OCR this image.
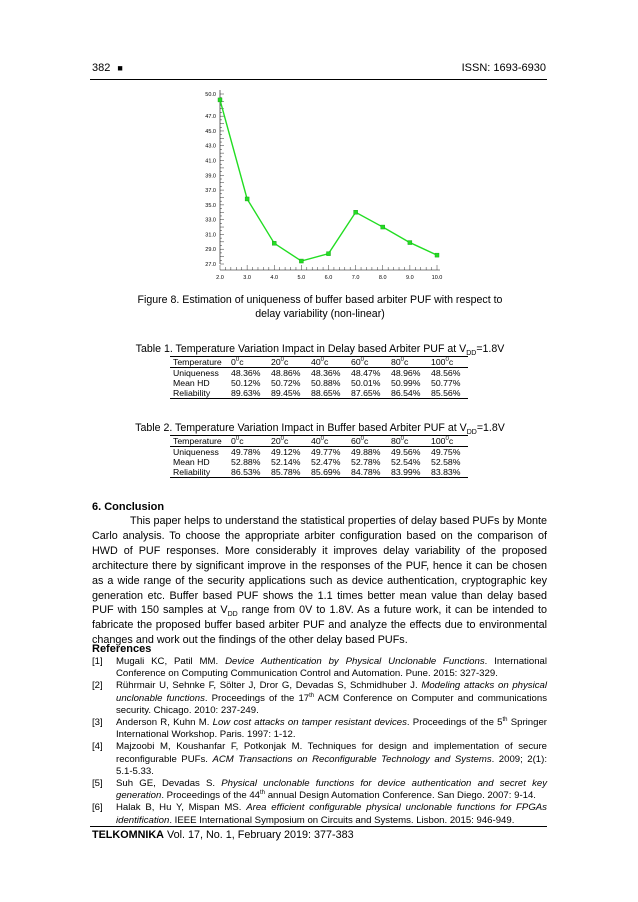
382 ■	ISSN: 1693-6930
50.0
47.0
45.0
43.0
41.0
39.0
37.0
35.0
33.0
31.0
29.0
27.0
2.0	3.0	4.0	5.0	6.0	7.0	8.0	9.0	10.0
Figure 8. Estimation of uniqueness of buffer based arbiter PUF with respect to
delay variability (non-linear)
Table 1. Temperature Variation Impact in Delay based Arbiter PUF at $V_{DD}=1.8V$
Temperature	$0^0c$	$20^0c$	$40^0c$	$60^0c$	$80^0c$	$100^0c$
Uniqueness	48.36%	48.86%	48.36%	48.47%	48.96%	48.56%
Mean HD	50.12%	50.72%	50.88%	50.01%	50.99%	50.77%
Reliability	89.63%	89.45%	88.65%	87.65%	86.54%	85.56%
Table 2. Temperature Variation Impact in Buffer based Arbiter PUF at $V_{DD}=1.8V$
Temperature	$0^0c$	$20^0c$	$40^0c$	$60^0c$	$80^0c$	$100^0c$
Uniqueness	49.78%	49.12%	49.77%	49.88%	49.56%	49.75%
Mean HD	52.88%	52.14%	52.47%	52.78%	52.54%	52.58%
Reliability	86.53%	85.78%	85.69%	84.78%	83.99%	83.83%
6. Conclusion
This paper helps to understand the statistical properties of delay based PUFs by Monte Carlo analysis. To choose the appropriate arbiter configuration based on the comparison of HWD of PUF responses. More considerably it improves delay variability of the proposed architecture there by significant improve in the responses of the PUF, hence it can be chosen as a wide range of the security applications such as device authentication, cryptographic key generation etc. Buffer based PUF shows the 1.1 times better mean value than delay based PUF with 150 samples at $V_{DD}$ range from 0V to 1.8V. As a future work, it can be intended to fabricate the proposed buffer based arbiter PUF and analyze the effects due to environmental changes and work out the findings of the other delay based PUFs.
References
[1]	Mugali KC, Patil MM. Device Authentication by Physical Unclonable Functions. International Conference on Computing Communication Control and Automation. Pune. 2015: 327-329.
[2]	Rührmair U, Sehnke F, Sölter J, Dror G, Devadas S, Schmidhuber J. Modeling attacks on physical unclonable functions. Proceedings of the 17th ACM Conference on Computer and communications security. Chicago. 2010: 237-249.
[3]	Anderson R, Kuhn M. Low cost attacks on tamper resistant devices. Proceedings of the 5th Springer International Workshop. Paris. 1997: 1-12.
[4]	Majzoobi M, Koushanfar F, Potkonjak M. Techniques for design and implementation of secure reconfigurable PUFs. ACM Transactions on Reconfigurable Technology and Systems. 2009; 2(1): 5.1-5.33.
[5]	Suh GE, Devadas S. Physical unclonable functions for device authentication and secret key generation. Proceedings of the 44th annual Design Automation Conference. San Diego. 2007: 9-14.
[6]	Halak B, Hu Y, Mispan MS. Area efficient configurable physical unclonable functions for FPGAs identification. IEEE International Symposium on Circuits and Systems. Lisbon. 2015: 946-949.
TELKOMNIKA Vol. 17, No. 1, February 2019: 377-383
